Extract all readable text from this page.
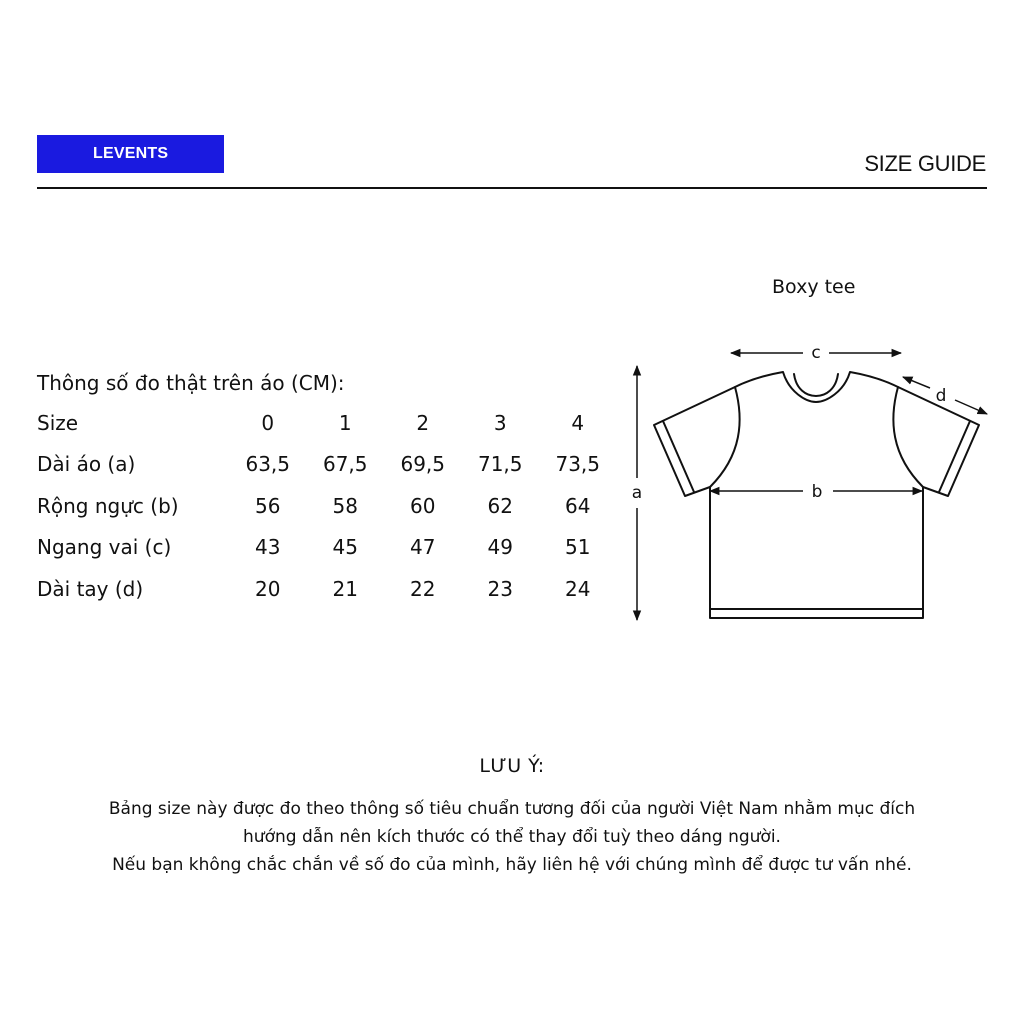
LEVENTS	SIZE GUIDE
Boxy tee
Thông số đo thật trên áo (CM):
Size	0	1	2	3	4
Dài áo (a)	63,5	67,5	69,5	71,5	73,5
Rộng ngực (b)	56	58	60	62	64
Ngang vai (c)	43	45	47	49	51
Dài tay (d)	20	21	22	23	24
a	b
c
d
LƯU Ý:
Bảng size này được đo theo thông số tiêu chuẩn tương đối của người Việt Nam nhằm mục đích
hướng dẫn nên kích thước có thể thay đổi tuỳ theo dáng người.
Nếu bạn không chắc chắn về số đo của mình, hãy liên hệ với chúng mình để được tư vấn nhé.
